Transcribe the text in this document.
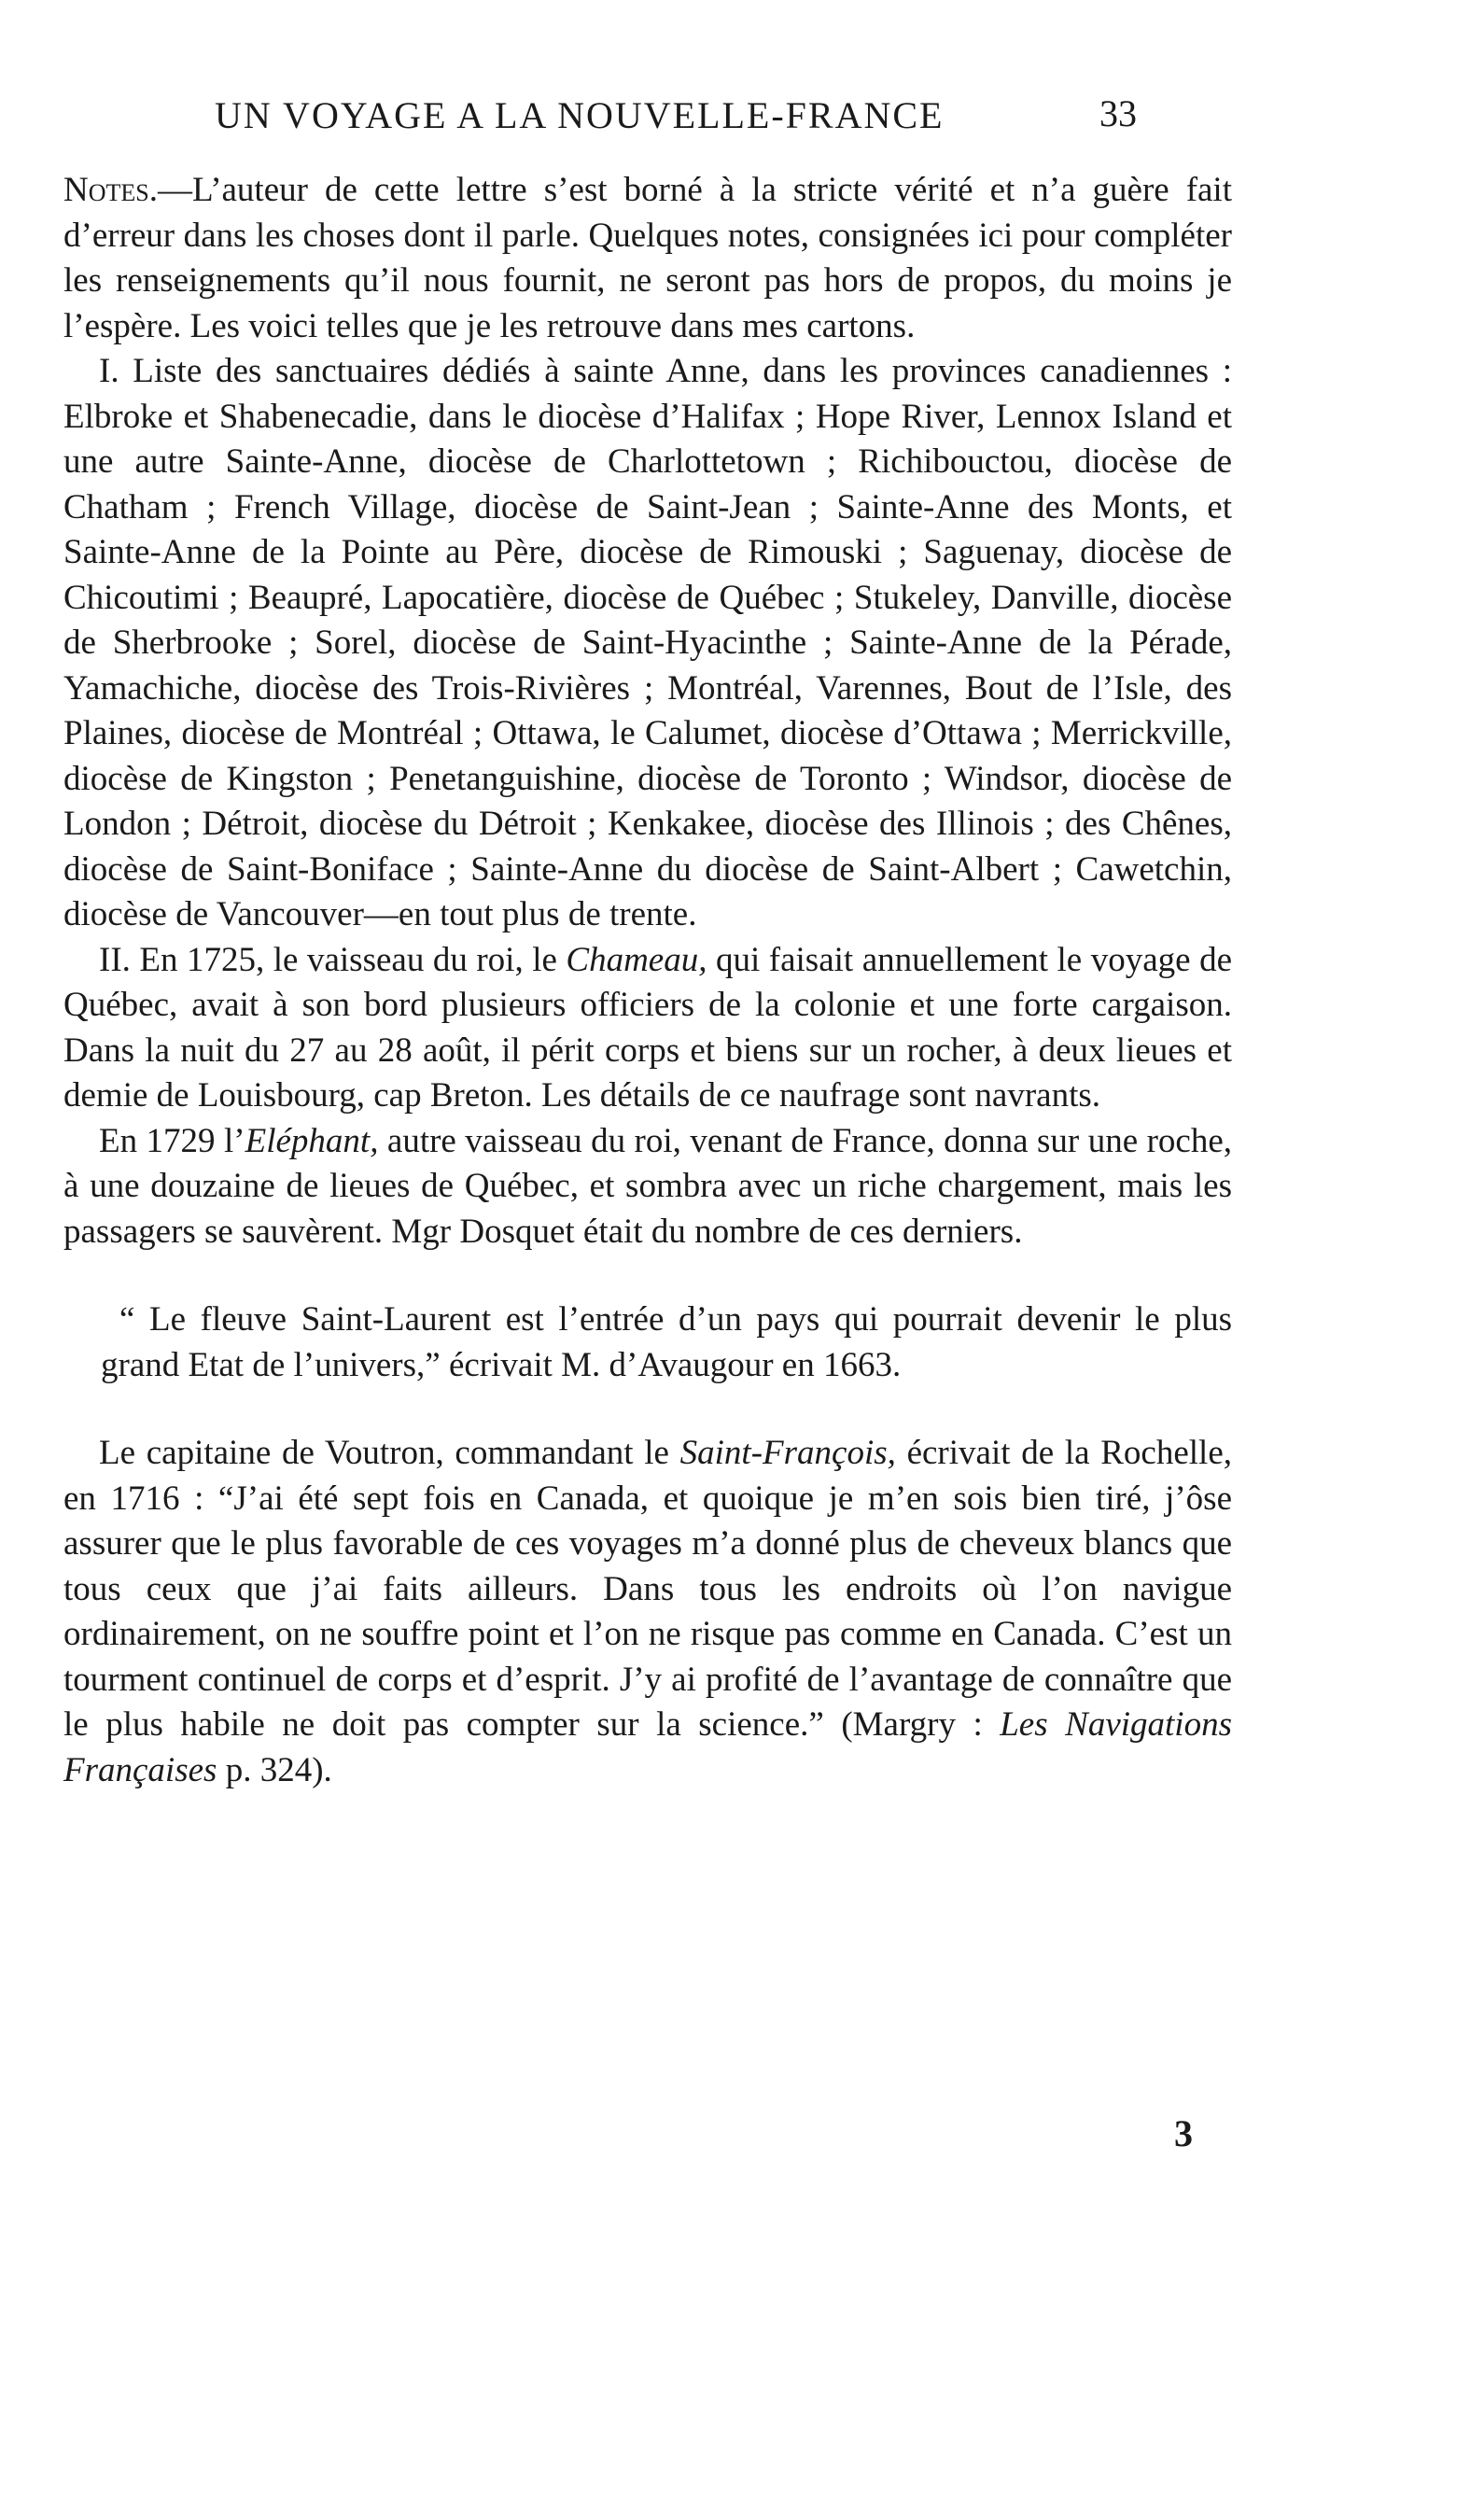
UN VOYAGE A LA NOUVELLE-FRANCE	33

Notes.—L’auteur de cette lettre s’est borné à la stricte vérité et n’a guère fait d’erreur dans les choses dont il parle. Quelques notes, consignées ici pour compléter les renseignements qu’il nous fournit, ne seront pas hors de propos, du moins je l’espère. Les voici telles que je les retrouve dans mes cartons.

I. Liste des sanctuaires dédiés à sainte Anne, dans les provinces canadiennes : Elbroke et Shabenecadie, dans le diocèse d’Halifax ; Hope River, Lennox Island et une autre Sainte-Anne, diocèse de Charlottetown ; Richibouctou, diocèse de Chatham ; French Village, diocèse de Saint-Jean ; Sainte-Anne des Monts, et Sainte-Anne de la Pointe au Père, diocèse de Rimouski ; Saguenay, diocèse de Chicoutimi ; Beaupré, Lapocatière, diocèse de Québec ; Stukeley, Danville, diocèse de Sherbrooke ; Sorel, diocèse de Saint-Hyacinthe ; Sainte-Anne de la Pérade, Yamachiche, diocèse des Trois-Rivières ; Montréal, Varennes, Bout de l’Isle, des Plaines, diocèse de Montréal ; Ottawa, le Calumet, diocèse d’Ottawa ; Merrickville, diocèse de Kingston ; Penetanguishine, diocèse de Toronto ; Windsor, diocèse de London ; Détroit, diocèse du Détroit ; Kenkakee, diocèse des Illinois ; des Chênes, diocèse de Saint-Boniface ; Sainte-Anne du diocèse de Saint-Albert ; Cawetchin, diocèse de Vancouver—en tout plus de trente.

II. En 1725, le vaisseau du roi, le Chameau, qui faisait annuellement le voyage de Québec, avait à son bord plusieurs officiers de la colonie et une forte cargaison. Dans la nuit du 27 au 28 août, il périt corps et biens sur un rocher, à deux lieues et demie de Louisbourg, cap Breton. Les détails de ce naufrage sont navrants.

En 1729 l’Eléphant, autre vaisseau du roi, venant de France, donna sur une roche, à une douzaine de lieues de Québec, et sombra avec un riche chargement, mais les passagers se sauvèrent. Mgr Dosquet était du nombre de ces derniers.

“ Le fleuve Saint-Laurent est l’entrée d’un pays qui pourrait devenir le plus grand Etat de l’univers,” écrivait M. d’Avaugour en 1663.

Le capitaine de Voutron, commandant le Saint-François, écrivait de la Rochelle, en 1716 : “J’ai été sept fois en Canada, et quoique je m’en sois bien tiré, j’ôse assurer que le plus favorable de ces voyages m’a donné plus de cheveux blancs que tous ceux que j’ai faits ailleurs. Dans tous les endroits où l’on navigue ordinairement, on ne souffre point et l’on ne risque pas comme en Canada. C’est un tourment continuel de corps et d’esprit. J’y ai profité de l’avantage de connaître que le plus habile ne doit pas compter sur la science.” (Margry : Les Navigations Françaises p. 324).

3
